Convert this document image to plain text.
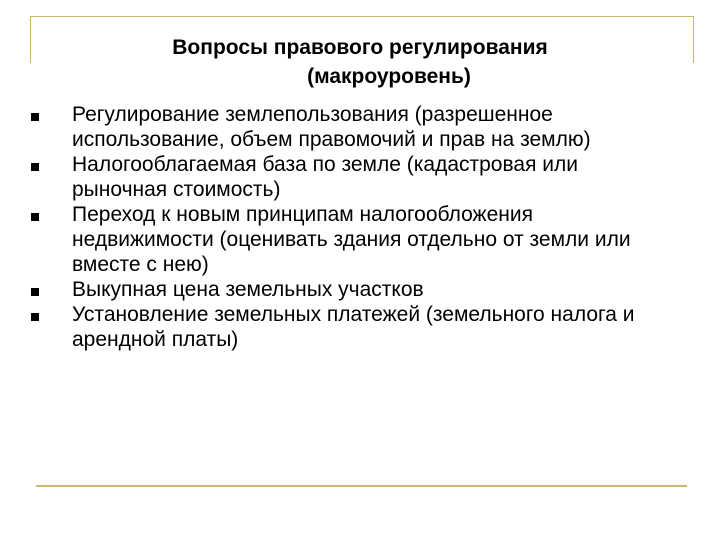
Вопросы правового регулирования
(макроуровень)
Регулирование землепользования (разрешенное использование, объем правомочий и прав на землю)
Налогооблагаемая база по земле (кадастровая или рыночная стоимость)
Переход к новым принципам налогообложения недвижимости (оценивать здания отдельно от земли или вместе с нею)
Выкупная цена земельных участков
Установление земельных платежей (земельного налога и арендной платы)
